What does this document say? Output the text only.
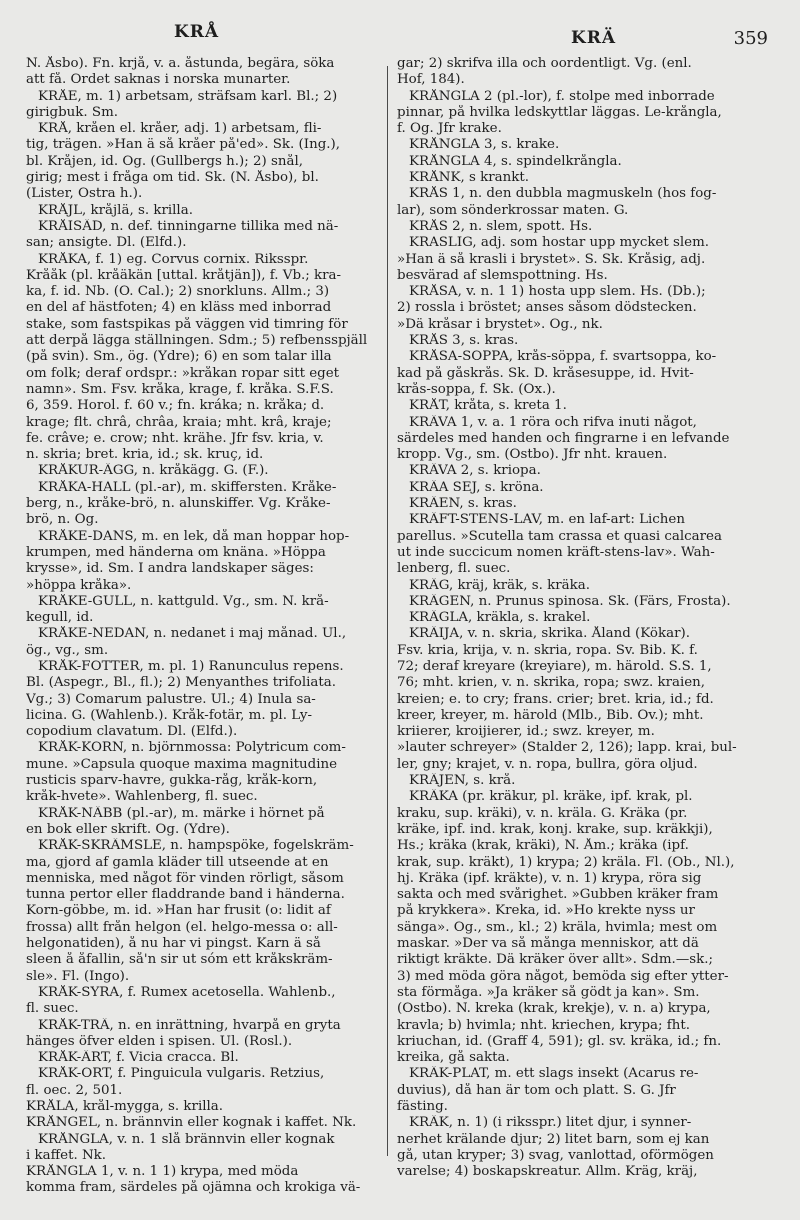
KRÅ	KRÄ	359
N. Åsbo). Fn. krjå, v. a. åstunda, begära, söka
att få. Ordet saknas i norska munarter.
KRÅE, m. 1) arbetsam, sträfsam karl. Bl.; 2)
girigbuk. Sm.
KRÅ, kråen el. kråer, adj. 1) arbetsam, fli-
tig, trägen. »Han ä så kråer på'ed». Sk. (Ing.),
bl. Kråjen, id. Ög. (Gullbergs h.); 2) snål,
girig; mest i fråga om tid. Sk. (N. Åsbo), bl.
(Lister, Östra h.).
KRÅJL, kråjlä, s. krilla.
KRÅISÄD, n. def. tinningarne tillika med nä-
san; ansigte. Dl. (Elfd.).
KRÅKA, f. 1) eg. Corvus cornix. Riksspr.
Krååk (pl. kråäkän [uttal. kråtjän]), f. Vb.; kra-
ka, f. id. Nb. (Ö. Cal.); 2) snorkluns. Allm.; 3)
en del af hästfoten; 4) en kläss med inborrad
stake, som fastspikas på väggen vid timring för
att derpå lägga ställningen. Sdm.; 5) refbensspjäll
(på svin). Sm., ög. (Ydre); 6) en som talar illa
om folk; deraf ordspr.: »kråkan ropar sitt eget
namn». Sm. Fsv. kråka, krage, f. kråka. S.F.S.
6, 359. Horol. f. 60 v.; fn. kráka; n. kråka; d.
krage; flt. chrâ, chrâa, kraia; mht. krâ, kraje;
fe. crâve; e. crow; nht. krähe. Jfr fsv. kria, v.
n. skria; bret. kria, id.; sk. kruç, id.
KRÅKUR-ÄGG, n. kråkägg. G. (F.).
KRÅKA-HALL (pl.-ar), m. skiffersten. Kråke-
berg, n., kråke-brö, n. alunskiffer. Vg. Kråke-
brö, n. Ög.
KRÅKE-DANS, m. en lek, då man hoppar hop-
krumpen, med händerna om knäna. »Höppa
krysse», id. Sm. I andra landskaper säges:
»höppa kråka».
KRÅKE-GULL, n. kattguld. Vg., sm. N. krå-
kegull, id.
KRÅKE-NEDAN, n. nedanet i maj månad. Ul.,
ög., vg., sm.
KRÅK-FÖTTER, m. pl. 1) Ranunculus repens.
Bl. (Aspegr., Bl., fl.); 2) Menyanthes trifoliata.
Vg.; 3) Comarum palustre. Ul.; 4) Inula sa-
licina. G. (Wahlenb.). Kråk-fotär, m. pl. Ly-
copodium clavatum. Dl. (Elfd.).
KRÅK-KORN, n. björnmossa: Polytricum com-
mune. »Capsula quoque maxima magnitudine
rusticis sparv-havre, gukka-råg, kråk-korn,
kråk-hvete». Wahlenberg, fl. suec.
KRÅK-NÄBB (pl.-ar), m. märke i hörnet på
en bok eller skrift. Ög. (Ydre).
KRÅK-SKRÄMSLE, n. hampspöke, fogelskräm-
ma, gjord af gamla kläder till utseende at en
menniska, med något för vinden rörligt, såsom
tunna pertor eller fladdrande band i händerna.
Korn-göbbe, m. id. »Han har frusit (o: lidit af
frossa) allt från helgon (el. helgo-messa o: all-
helgonatiden), å nu har vi pingst. Karn ä så
sleen å åfallin, så'n sir ut sóm ett kråkskräm-
sle». Fl. (Ingo).
KRÅK-SYRA, f. Rumex acetosella. Wahlenb.,
fl. suec.
KRÅK-TRÄ, n. en inrättning, hvarpå en gryta
hänges öfver elden i spisen. Ul. (Rosl.).
KRÅK-ÄRT, f. Vicia cracca. Bl.
KRÅK-ÖRT, f. Pinguicula vulgaris. Retzius,
fl. oec. 2, 501.
KRÅLA, krål-mygga, s. krilla.
KRÅNGEL, n. brännvin eller kognak i kaffet. Nk.
KRÅNGLA, v. n. 1 slå brännvin eller kognak
i kaffet. Nk.
KRÅNGLA 1, v. n. 1 1) krypa, med möda
komma fram, särdeles på ojämna och krokiga vä-
gar; 2) skrifva illa och oordentligt. Vg. (enl.
Hof, 184).
KRÅNGLA 2 (pl.-lor), f. stolpe med inborrade
pinnar, på hvilka ledskyttlar läggas. Le-krångla,
f. Ög. Jfr krake.
KRÅNGLA 3, s. krake.
KRÅNGLA 4, s. spindelkrångla.
KRÅNK, s krankt.
KRÅS 1, n. den dubbla magmuskeln (hos fog-
lar), som sönderkrossar maten. G.
KRÅS 2, n. slem, spott. Hs.
KRASLIG, adj. som hostar upp mycket slem.
»Han ä så krasli i brystet». S. Sk. Kråsig, adj.
besvärad af slemspottning. Hs.
KRÅSA, v. n. 1 1) hosta upp slem. Hs. (Db.);
2) rossla i bröstet; anses såsom dödstecken.
»Dä kråsar i brystet». Ög., nk.
KRÅS 3, s. kras.
KRÅSA-SÖPPA, krås-söppa, f. svartsoppa, ko-
kad på gåskrås. Sk. D. kråsesuppe, id. Hvit-
krås-soppa, f. Sk. (Ox.).
KRÅT, kråta, s. kreta 1.
KRÄVA 1, v. a. 1 röra och rifva inuti något,
särdeles med handen och fingrarne i en lefvande
kropp. Vg., sm. (Östbo). Jfr nht. krauen.
KRÄVA 2, s. kriopa.
KRÄA SEJ, s. kröna.
KRÄEN, s. kras.
KRÄFT-STENS-LAV, m. en laf-art: Lichen
parellus. »Scutella tam crassa et quasi calcarea
ut inde succicum nomen kräft-stens-lav». Wah-
lenberg, fl. suec.
KRÄG, kräj, kräk, s. kräka.
KRÄGEN, n. Prunus spinosa. Sk. (Färs, Frosta).
KRÄGLA, kräkla, s. krakel.
KRÄIJA, v. n. skria, skrika. Åland (Kökar).
Fsv. kria, krija, v. n. skria, ropa. Sv. Bib. K. f.
72; deraf kreyare (kreyiare), m. härold. S.S. 1,
76; mht. krien, v. n. skrika, ropa; swz. kraien,
kreien; e. to cry; frans. crier; bret. kria, id.; fd.
kreer, kreyer, m. härold (Mlb., Bib. Ov.); mht.
kriierer, kroijierer, id.; swz. kreyer, m.
»lauter schreyer» (Stalder 2, 126); lapp. krai, bul-
ler, gny; krajet, v. n. ropa, bullra, göra oljud.
KRÄJEN, s. krå.
KRÄKA (pr. kräkur, pl. kräke, ipf. krak, pl.
kraku, sup. kräki), v. n. kräla. G. Kräka (pr.
kräke, ipf. ind. krak, konj. krake, sup. kräkkji),
Hs.; kräka (krak, kräki), N. Åm.; kräka (ipf.
krak, sup. kräkt), 1) krypa; 2) kräla. Fl. (Öb., Nl.),
hj. Kräka (ipf. kräkte), v. n. 1) krypa, röra sig
sakta och med svårighet. »Gubben kräker fram
på krykkera». Kreka, id. »Ho krekte nyss ur
sänga». Ög., sm., kl.; 2) kräla, hvimla; mest om
maskar. »Der va så många menniskor, att dä
riktigt kräkte. Dä kräker över allt». Sdm.—sk.;
3) med möda göra något, bemöda sig efter ytter-
sta förmåga. »Ja kräker så gödt ja kan». Sm.
(Östbo). N. kreka (krak, krekje), v. n. a) krypa,
kravla; b) hvimla; nht. kriechen, krypa; fht.
kriuchan, id. (Graff 4, 591); gl. sv. kräka, id.; fn.
kreika, gå sakta.
KRÄK-PLAT, m. ett slags insekt (Acarus re-
duvius), då han är tom och platt. S. G. Jfr
fästing.
KRÄK, n. 1) (i riksspr.) litet djur, i synner-
nerhet krälande djur; 2) litet barn, som ej kan
gå, utan kryper; 3) svag, vanlottad, oförmögen
varelse; 4) boskapskreatur. Allm. Kräg, kräj,
